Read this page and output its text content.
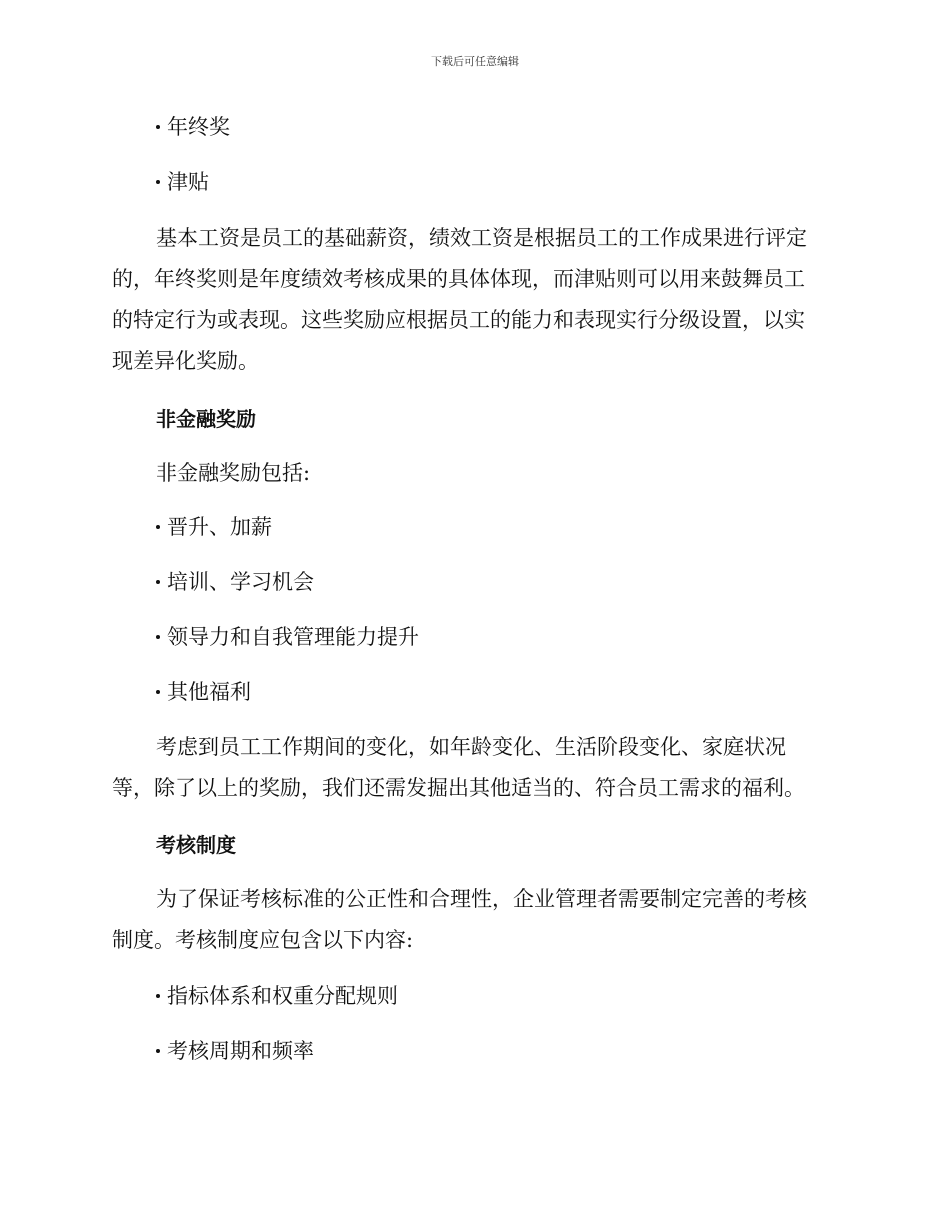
下载后可任意编辑
年终奖
津贴
基本工资是员工的基础薪资，绩效工资是根据员工的工作成果进行评定
的，年终奖则是年度绩效考核成果的具体体现，而津贴则可以用来鼓舞员工
的特定行为或表现。这些奖励应根据员工的能力和表现实行分级设置，以实
现差异化奖励。
非金融奖励
非金融奖励包括:
晋升、加薪
培训、学习机会
领导力和自我管理能力提升
其他福利
考虑到员工工作期间的变化，如年龄变化、生活阶段变化、家庭状况
等，除了以上的奖励，我们还需发掘出其他适当的、符合员工需求的福利。
考核制度
为了保证考核标准的公正性和合理性，企业管理者需要制定完善的考核
制度。考核制度应包含以下内容:
指标体系和权重分配规则
考核周期和频率
